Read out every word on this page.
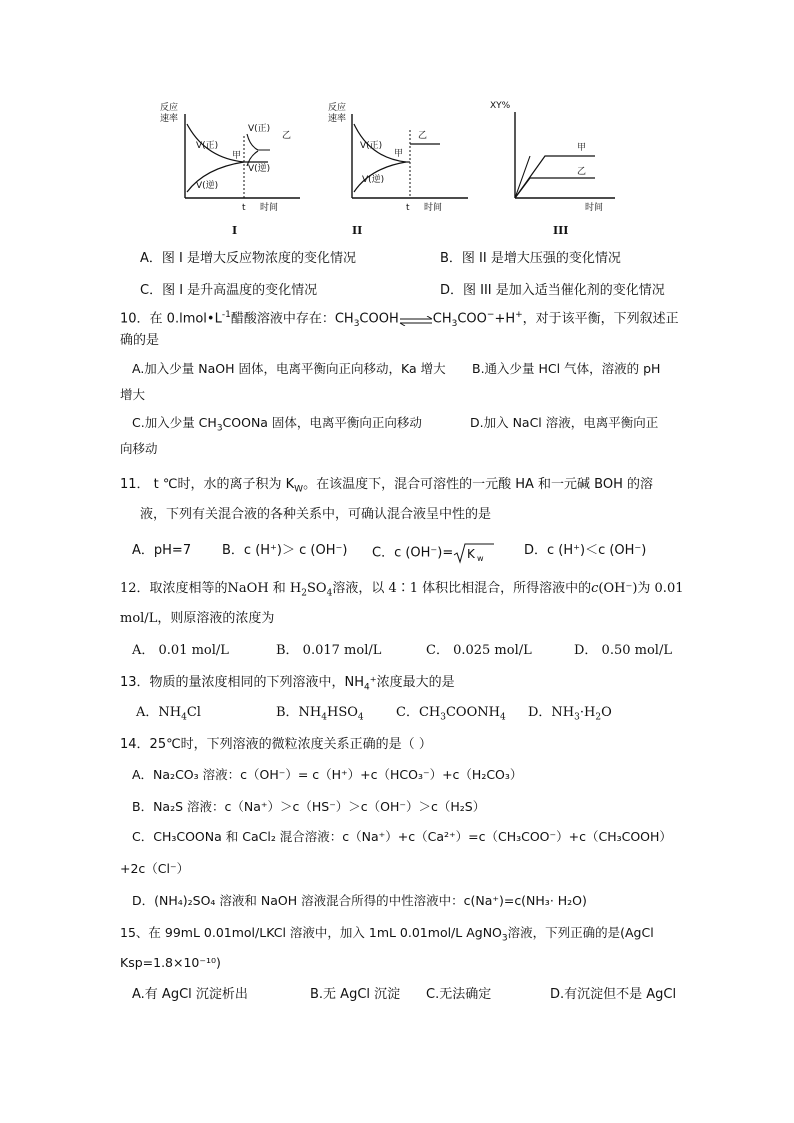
反应
速率
V(正)
V(逆)
V(正)
V(逆)
甲
乙
t 时间
I
反应
速率
V(正)
V(逆)
甲
乙
t 时间
II
XY%
甲
乙
时间
III
A．图 I 是增大反应物浓度的变化情况	B．图 II 是增大压强的变化情况
C．图 I 是升高温度的变化情况	D．图 III 是加入适当催化剂的变化情况
10．在 $0.lmol•L^{-1}$醋酸溶液中存在：$CH_3COOH\rightleftharpoons CH_3COO^-+H^+$，对于该平衡，下列叙述正
确的是
A.加入少量 NaOH 固体，电离平衡向正向移动，Ka 增大 B.通入少量 HCl 气体，溶液的 pH
增大
C.加入少量 $CH_3COONa$ 固体，电离平衡向正向移动	D.加入 NaCl 溶液，电离平衡向正
向移动
11． t ℃时，水的离子积为 $K_W$。在该温度下，混合可溶性的一元酸 HA 和一元碱 BOH 的溶
液，下列有关混合液的各种关系中，可确认混合液呈中性的是
A．pH=7 B．c (H⁺)＞ c (OH⁻) C．c (OH⁻)= K w
D．c (H⁺)＜c (OH⁻)
12．取浓度相等的NaOH 和 $H_2SO_4$溶液，以 4∶1 体积比相混合，所得溶液中的c(OH⁻)为 0.01
mol/L，则原溶液的浓度为
A． 0.01 mol/L	B． 0.017 mol/L	C． 0.025 mol/L	D． 0.50 mol/L
13．物质的量浓度相同的下列溶液中，$NH_4^+$浓度最大的是
A．$NH_4Cl$	B．$NH_4HSO_4$ C．$CH_3COONH_4$ D．$NH_3\cdot H_2O$
14．25℃时，下列溶液的微粒浓度关系正确的是（ ）
A．Na₂CO₃ 溶液：c（OH⁻）= c（H⁺）+c（HCO₃⁻）+c（H₂CO₃）
B．Na₂S 溶液：c（Na⁺）＞c（HS⁻）＞c（OH⁻）＞c（H₂S）
C．CH₃COONa 和 CaCl₂ 混合溶液：c（Na⁺）+c（Ca²⁺）=c（CH₃COO⁻）+c（CH₃COOH）
+2c（Cl⁻）
D．(NH₄)₂SO₄ 溶液和 NaOH 溶液混合所得的中性溶液中：c(Na⁺)=c(NH₃· H₂O)
15、在 99mL 0.01mol/LKCl 溶液中，加入 1mL 0.01mol/L AgNO$_3$溶液，下列正确的是(AgCl
Ksp=1.8×10⁻¹⁰)
A.有 AgCl 沉淀析出	B.无 AgCl 沉淀 C.无法确定	D.有沉淀但不是 AgCl
